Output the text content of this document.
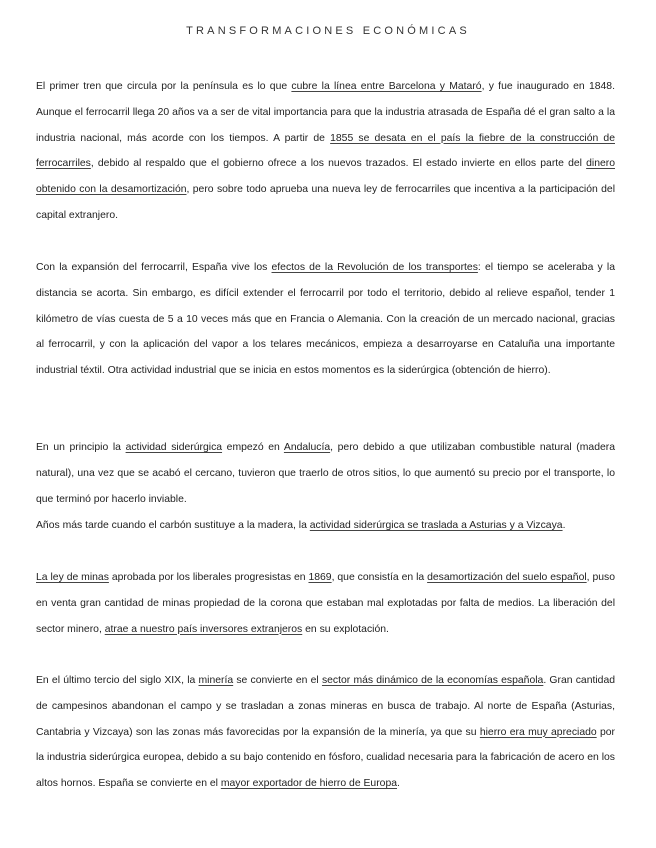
TRANSFORMACIONES ECONÓMICAS

El primer tren que circula por la península es lo que cubre la línea entre Barcelona y Mataró, y fue inaugurado en 1848. Aunque el ferrocarril llega 20 años va a ser de vital importancia para que la industria atrasada de España dé el gran salto a la industria nacional, más acorde con los tiempos. A partir de 1855 se desata en el país la fiebre de la construcción de ferrocarriles, debido al respaldo que el gobierno ofrece a los nuevos trazados. El estado invierte en ellos parte del dinero obtenido con la desamortización, pero sobre todo aprueba una nueva ley de ferrocarriles que incentiva a la participación del capital extranjero.

Con la expansión del ferrocarril, España vive los efectos de la Revolución de los transportes: el tiempo se aceleraba y la distancia se acorta. Sin embargo, es difícil extender el ferrocarril por todo el territorio, debido al relieve español, tender 1 kilómetro de vías cuesta de 5 a 10 veces más que en Francia o Alemania. Con la creación de un mercado nacional, gracias al ferrocarril, y con la aplicación del vapor a los telares mecánicos, empieza a desarroyarse en Cataluña una importante industrial téxtil. Otra actividad industrial que se inicia en estos momentos es la siderúrgica (obtención de hierro).

En un principio la actividad siderúrgica empezó en Andalucía, pero debido a que utilizaban combustible natural (madera natural), una vez que se acabó el cercano, tuvieron que traerlo de otros sitios, lo que aumentó su precio por el transporte, lo que terminó por hacerlo inviable.

Años más tarde cuando el carbón sustituye a la madera, la actividad siderúrgica se traslada a Asturias y a Vizcaya.

La ley de minas aprobada por los liberales progresistas en 1869, que consistía en la desamortización del suelo español, puso en venta gran cantidad de minas propiedad de la corona que estaban mal explotadas por falta de medios. La liberación del sector minero, atrae a nuestro país inversores extranjeros en su explotación.

En el último tercio del siglo XIX, la minería se convierte en el sector más dinámico de la economías española. Gran cantidad de campesinos abandonan el campo y se trasladan a zonas mineras en busca de trabajo. Al norte de España (Asturias, Cantabria y Vizcaya) son las zonas más favorecidas por la expansión de la minería, ya que su hierro era muy apreciado por la industria siderúrgica europea, debido a su bajo contenido en fósforo, cualidad necesaria para la fabricación de acero en los altos hornos. España se convierte en el mayor exportador de hierro de Europa.
